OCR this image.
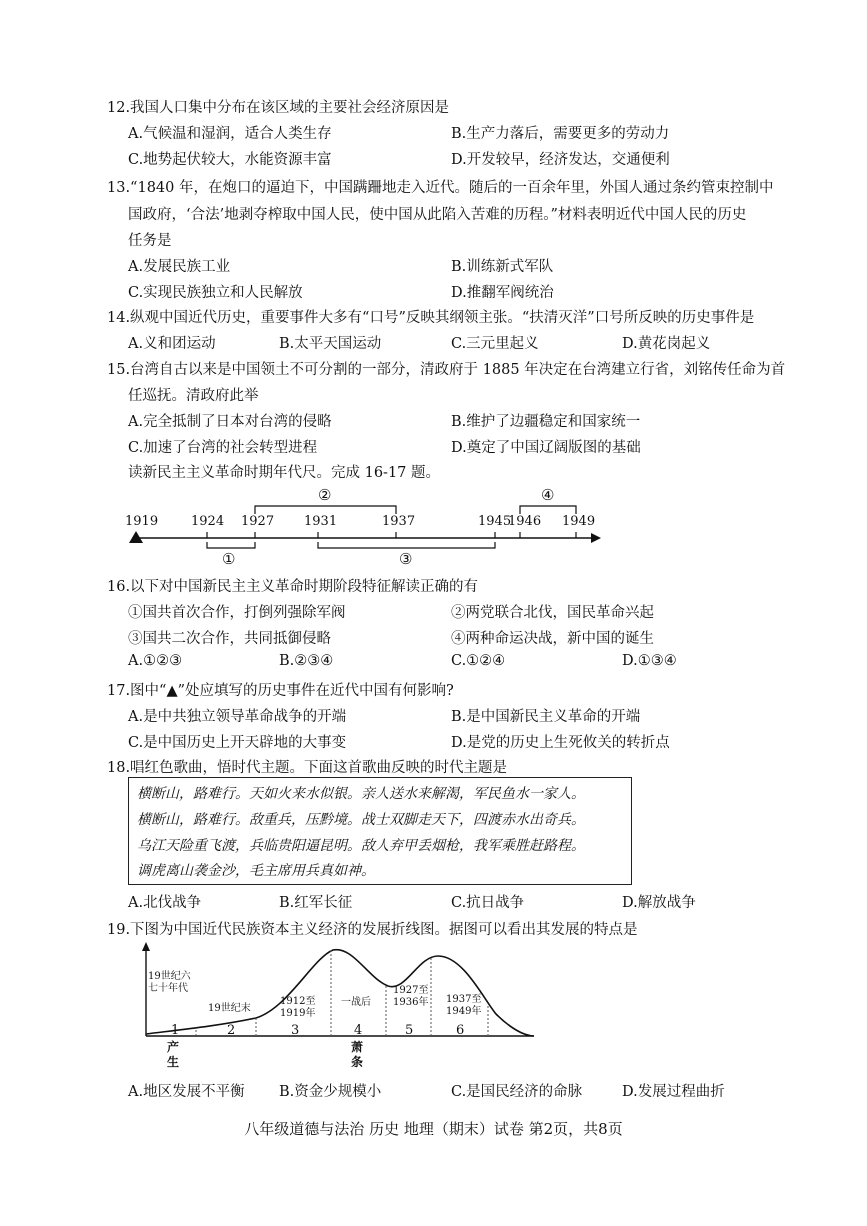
12.我国人口集中分布在该区域的主要社会经济原因是
A.气候温和湿润，适合人类生存	B.生产力落后，需要更多的劳动力
C.地势起伏较大，水能资源丰富	D.开发较早，经济发达，交通便利
13.“1840 年，在炮口的逼迫下，中国蹒跚地走入近代。随后的一百余年里，外国人通过条约管束控制中
国政府，‘合法’地剥夺榨取中国人民，使中国从此陷入苦难的历程。”材料表明近代中国人民的历史
任务是
A.发展民族工业	B.训练新式军队
C.实现民族独立和人民解放	D.推翻军阀统治
14.纵观中国近代历史，重要事件大多有“口号”反映其纲领主张。“扶清灭洋”口号所反映的历史事件是
A.义和团运动	B.太平天国运动	C.三元里起义	D.黄花岗起义
15.台湾自古以来是中国领土不可分割的一部分，清政府于 1885 年决定在台湾建立行省，刘铭传任命为首
任巡抚。清政府此举
A.完全抵制了日本对台湾的侵略	B.维护了边疆稳定和国家统一
C.加速了台湾的社会转型进程	D.奠定了中国辽阔版图的基础
读新民主主义革命时期年代尺。完成 16-17 题。
1919	1924 1927 1931	1937	1945
1946 1949
②	④
①	③
16.以下对中国新民主主义革命时期阶段特征解读正确的有
①国共首次合作，打倒列强除军阀	②两党联合北伐，国民革命兴起
③国共二次合作，共同抵御侵略	④两种命运决战，新中国的诞生
A.①②③	B.②③④	C.①②④	D.①③④
17.图中“▲”处应填写的历史事件在近代中国有何影响?
A.是中共独立领导革命战争的开端	B.是中国新民主义革命的开端
C.是中国历史上开天辟地的大事变	D.是党的历史上生死攸关的转折点
18.唱红色歌曲，悟时代主题。下面这首歌曲反映的时代主题是
横断山，路难行。天如火来水似银。亲人送水来解渴，军民鱼水一家人。
横断山，路难行。敌重兵，压黔境。战士双脚走天下，四渡赤水出奇兵。
乌江天险重飞渡，兵临贵阳逼昆明。敌人弃甲丢烟枪，我军乘胜赶路程。
调虎离山袭金沙，毛主席用兵真如神。
A.北伐战争	B.红军长征	C.抗日战争	D.解放战争
19.下图为中国近代民族资本主义经济的发展折线图。据图可以看出其发展的特点是
19世纪六
七十年代
19世纪末
1912至
1919年
一战后
1927至
1936年 1937至
1949年
1	2	3	4	5	6
产
生
萧
条
A.地区发展不平衡 B.资金少规模小	C.是国民经济的命脉	D.发展过程曲折
八年级道德与法治 历史 地理（期末）试卷 第2页，共8页
